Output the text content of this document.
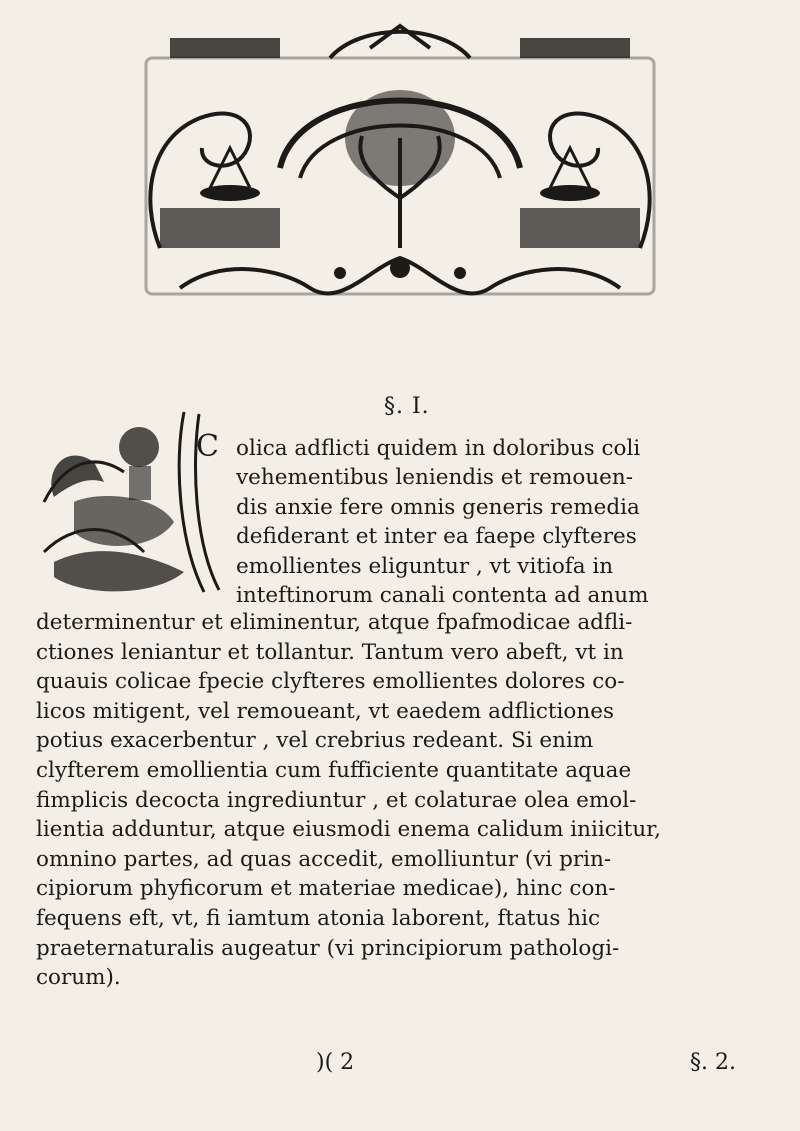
§. I.
C olica adflicti quidem in doloribus coli
vehementibus leniendis et remouen-
dis anxie fere omnis generis remedia
defiderant et inter ea faepe clyfteres
emollientes eliguntur , vt vitiofa in
inteftinorum canali contenta ad anum
determinentur et eliminentur, atque fpafmodicae adfli-
ctiones leniantur et tollantur. Tantum vero abeft, vt in
quauis colicae fpecie clyfteres emollientes dolores co-
licos mitigent, vel remoueant, vt eaedem adflictiones
potius exacerbentur , vel crebrius redeant. Si enim
clyfterem emollientia cum fufficiente quantitate aquae
fimplicis decocta ingrediuntur , et colaturae olea emol-
lientia adduntur, atque eiusmodi enema calidum iniicitur,
omnino partes, ad quas accedit, emolliuntur (vi prin-
cipiorum phyficorum et materiae medicae), hinc con-
fequens eft, vt, fi iamtum atonia laborent, ftatus hic
praeternaturalis augeatur (vi principiorum pathologi-
corum).
)( 2	§. 2.
